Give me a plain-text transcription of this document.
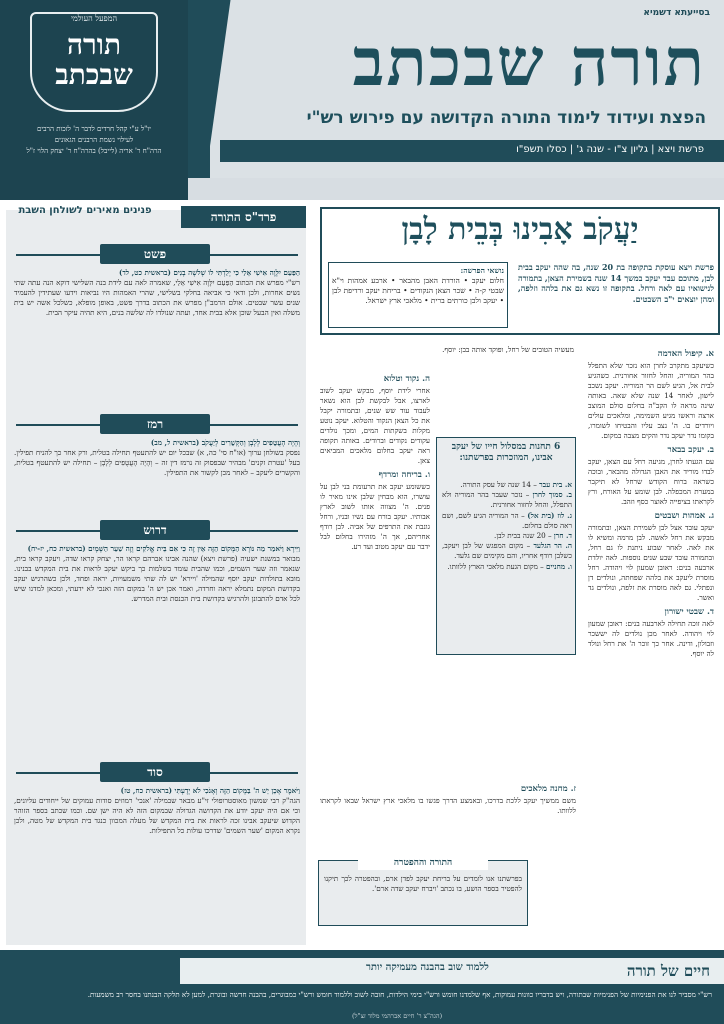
המפעל העולמי
תורה שבכתב
יו"ל ע"י קהל חרדים לדבר ה' לזכות הרבים
לעילוי נשמת הרבנים הגאונים
הרה"ח ר' אריה (לייבל) בהרה"ח ר' יצחק הלוי ז"ל
בסייעתא דשמיא
תורה שבכתב
הפצת ועידוד לימוד התורה הקדושה עם פירוש רש"י
פרשת ויצא | גליון צ"ו - שנה ג' | כסלו תשפ"ו
פרד"ס התורה
פנינים מאירים לשולחן השבת
פשט
הַפַּעַם יִלָּוֶה אִישִׁי אֵלַי כִּי יָלַדְתִּי לוֹ שְׁלשָׁה בָנִים (בראשית כט, לד)
רש"י מפרש את הכתוב הַפַּעַם יִלָּוֶה אִישִׁי אֵלַי, שאמרה לאה עם לידת בנה השלישי דוקא הנה עתה שתי נשים אחרות, ולכן ודאי כי אביאה בחלקי בשלישי, שהרי האמהות היו נביאות וידעו שעתידין להעמיד שנים עשר שבטים. אולם הרמב"ן מפרש את הכתוב בדרך פשט, באופן מופלא, כשלכל אשה יש בית משלה ואין הבעל שוכן אלא בבית אחד, ועתה שנולדו לה שלשה בנים, היא תהיה עיקר הבית.
רמז
וְהָיָה הָעֲטֻפִים לְלָבָן וְהַקְּשֻׁרִים לְיַעֲקֹב (בראשית ל, מב)
נפסק בשולחן ערוך (או"ח סי' כה, א) שבכל יום יש להתעטף תחילה בטלית, ורק אחר כך להניח תפילין. בעל 'עטרת זקנים' מבהיר שבפסוק זה נרמז דין זה – וְהָיָה הָעֲטֻפִים לְלָבָן – תחילה יש להתעטף בטלית, והקשרים ליעקב – לאחר מכן לקשור את התפילין.
דרוש
וַיִּירָא וַיֹּאמַר מַה נּוֹרָא הַמָּקוֹם הַזֶּה אֵין זֶה כִּי אִם בֵּית אֱלֹקִים וְזֶה שַׁעַר הַשָּׁמָיִם (בראשית כח, יז-יח)
מבואר במשנת ישעיה (פרשת ויצא) שהנה אבינו אברהם קראו הר, יצחק קראו שדה, ויעקב קראו בית, שנאמר וזה שער השמים, וכמו שהבית עומד בשלמות כך ביקש יעקב לראות את בית המקדש בבנינו. מובא בתולדות יעקב יוסף שהמילה 'ויירא' יש לה שתי משמעויות, יראה ופחד, ולכן כשהרגיש יעקב בקדושת המקום נתמלא יראה וחרדה, ואמר אכן יש ה' במקום הזה ואנכי לא ידעתי, ומכאן למדנו שיש לכל אדם להתבונן ולהרגיש בקדושת בית הכנסת ובית המדרש.
סוד
וַיֹּאמֶר אָכֵן יֵשׁ ה' בַּמָּקוֹם הַזֶּה וְאָנֹכִי לֹא יָדָעְתִּי (בראשית כח, טז)
הגה"ק רבי שמשון מאוסטרופולי זי"ע מבאר שבמילה 'אנכי' רמוזים סודות עמוקים של ייחודים עליונים, וכי אם היה יעקב יודע את הקדושה הגדולה שבמקום הזה לא היה ישן שם. וכמו שכתב בספר הזוהר הקדוש שיעקב אבינו זכה לראות את בית המקדש של מעלה המכוון כנגד בית המקדש של מטה, ולכן נקרא המקום 'שער השמים' שדרכו עולות כל התפילות.
יַעֲקֹב אָבִינוּ בְּבֵית לָבָן
פרשת ויצא עוסקת בתקופה בת 20 שנה, בה שהה יעקב בבית לבן, מתוכם עבד יעקב במשך 14 שנה בשמירת הצאן, בתמורה לנישואיו עם לאה ורחל. בתקופה זו נשא גם את בלהה וזלפה, ומהן יוצאים י"ב השבטים.
נושאי הפרשה:
חלום יעקב • הורדת האבן מהבאר • ארבע אמהות וי"א שבטי ק-ה • שכר הצאן הנקודים • בריחת יעקב ורדיפת לבן • יעקב ולבן כורתים ברית • מלאכי ארץ ישראל.
א. קיפול האדמה
כשיעקב מתקרב לחרן הוא נזכר שלא התפלל בהר המוריה, והחל לחזור אחורנית. כשהגיע לבית אל, הגיע לשם הר המוריה. יעקב נשכב לישון, לאחר 14 שנה שלא שאה. באותה שינה מראה לו הקב"ה בחלום סולם המוצב ארצה וראשו מגיע השמימה, ומלאכים עולים ויורדים בו. ה' נצב עליו והבטיחו לשומרו, בקומו נדר יעקב נדר והקים מצבה במקום.
ב. יעקב בבאר
עם הגעתו לחרן, מגיעה רחל עם הצאן, יעקב לבדו מוריד את האבן הגדולה מהבאר, ובוכה כשראה ברוח הקודש שרחל לא תיקבר במערת המכפלה. לבן שומע על האורח, ורץ לקראתו בציפייה לאוצר כסף וזהב.
ג. אמהות ושבטים
יעקב עובד אצל לבן לשמירת הצאן, ובתמורה מבקש את רחל לאשה. לבן מרמה ומשיא לו את לאה. לאחר שבוע ניתנת לו גם רחל, ובתמורה עובד שבע שנים נוספות. לאה יולדת ארבעה בנים: ראובן שמעון לוי ויהודה. רחל מוסרת ליעקב את בלהה שפחתה, ונולדים דן ונפתלי. גם לאה מוסרת את זלפה, ונולדים גד ואשר.
ד. שבטי ישורון
לאה זוכה תחילה לארבעה בנים: ראובן שמעון לוי ויהודה. לאחר מכן נולדים לה יששכר וזבולון, ודינה. אחר כך זוכר ה' את רחל ונולד לה יוסף.
מעשיה הטובים של רחל, ופוקד אותה בבן: יוסף.
6 תחנות במסלול חייו של יעקב אבינו, המוזכרות בפרשתנו:
א. בית עבר – 14 שנה של עסק התורה.
ב. סמוך לחרן – נזכר שעבר בהר המוריה ולא התפלל, והחל לחזור אחורנית.
ג. לוז (בית אל) – הר המוריה הגיע לשם, ושם ראה סולם בחלום.
ד. חרן – 20 שנה בבית לבן.
ה. הר הגלעד – מקום המפגש של לבן ויעקב, כשלבן רודף אחריו, והם מקימים שם גלעד.
ו. מחניים – מקום הגעת מלאכי הארץ ללוותו.
ה. נקוד וטלוא
אחרי לידת יוסף, מבקש יעקב לשוב לארצו, אבל לבקשת לבן הוא נשאר לעבוד עוד שש שנים, ובתמורה יקבל את כל הצאן הנקוד והטלוא. יעקב נוטע מקלות בשקתות המים, ומכך נולדים עקודים נקודים וברודים. באותה תקופה ראה יעקב בחלום מלאכים המביאים צאן.
ו. בריחה ומרדף
כששומע יעקב את תרעומת בני לבן על עושרו, הוא מבחין שלבן אינו מאיר לו פנים. ה' מצווה אותו לשוב לארץ אבותיו. יעקב בורח עם נשיו ובניו, ורחל גונבת את התרפים של אביה. לבן רודף אחריהם, אך ה' מזהירו בחלום לבל ידבר עם יעקב מטוב ועד רע.
ז. מחנה מלאכים
משם ממשיך יעקב ללכת בדרכו, ובאמצע הדרך פגשו בו מלאכי ארץ ישראל שבאו לקראתו ללוותו.
התורה וההפטרה
בפרשתנו אנו לומדים על בריחת יעקב לפדן ארם, ובהפטרה לכך תיקנו להפטיר בספר הושע, בו נכתב 'ויברח יעקב שדה ארם'.
חיים של תורה
ללמוד שוב בהבנה מעמיקה יותר
רש"י מסביר לנו את הפנימיות של הפנימיות שבתורה, ויש בדבריו כוונות עמוקות, אף שלמדנו חומש ורש"י בימי הילדות, חובה לשוב וללמוד חומש ורש"י כמבוגרים, בהבנה חדשה ובוגרת, למען לא תלקה הבנתנו בחסר רב משמעות.
(הגה"צ ר' חיים אברהמי מלוד זצ"ל)
